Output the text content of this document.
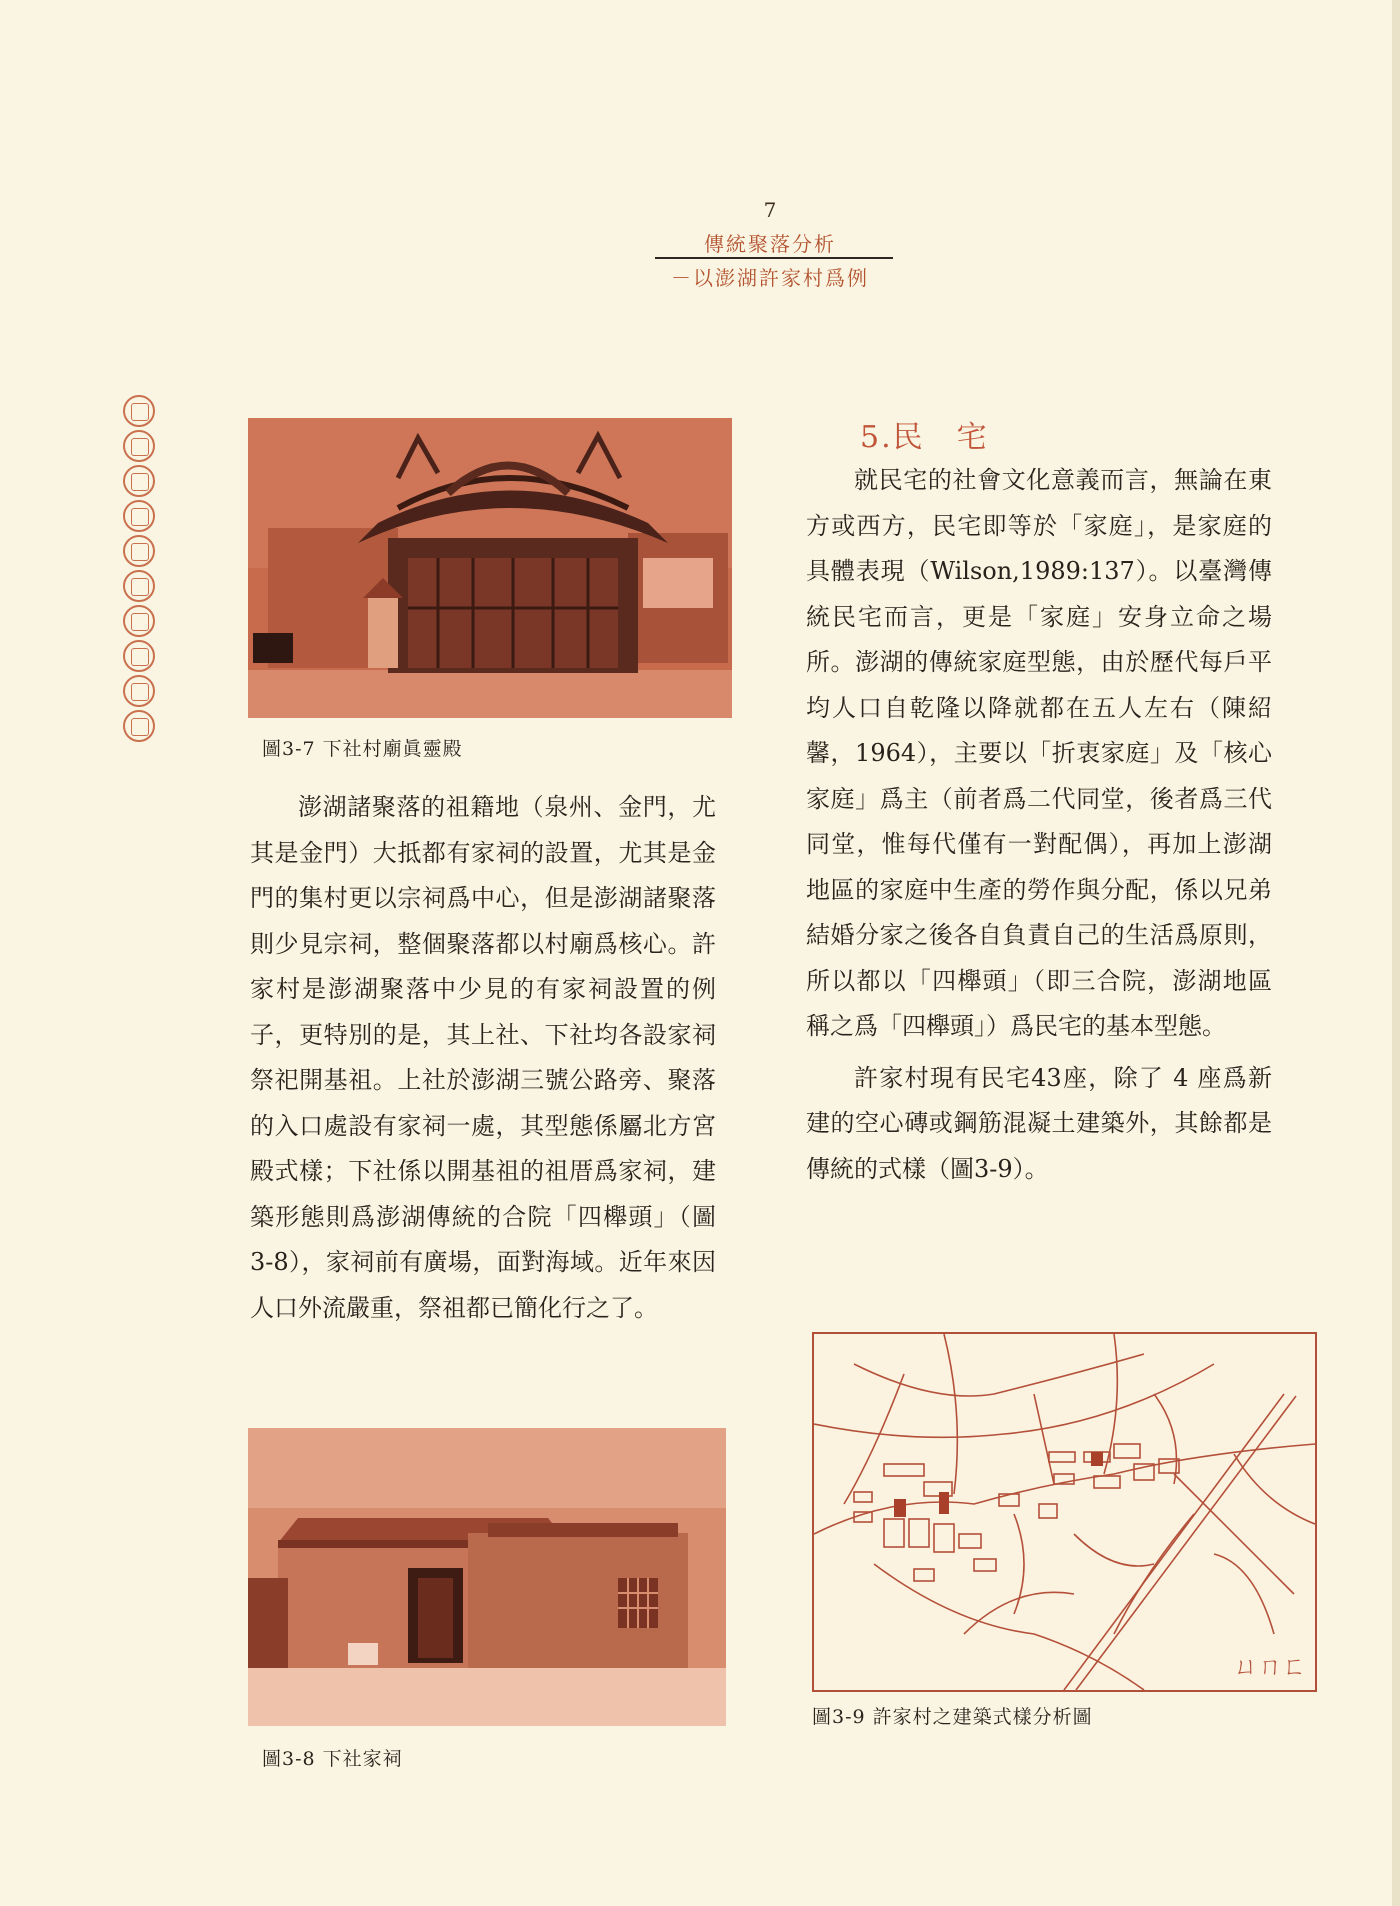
7
傳統聚落分析
－以澎湖許家村爲例
圖3-7 下社村廟眞靈殿

澎湖諸聚落的祖籍地（泉州、金門，尤其是金門）大抵都有家祠的設置，尤其是金門的集村更以宗祠爲中心，但是澎湖諸聚落則少見宗祠，整個聚落都以村廟爲核心。許家村是澎湖聚落中少見的有家祠設置的例子，更特別的是，其上社、下社均各設家祠祭祀開基祖。上社於澎湖三號公路旁、聚落的入口處設有家祠一處，其型態係屬北方宮殿式樣；下社係以開基祖的祖厝爲家祠，建築形態則爲澎湖傳統的合院「四櫸頭」（圖3-8），家祠前有廣場，面對海域。近年來因人口外流嚴重，祭祖都已簡化行之了。

圖3-8 下社家祠
5.民　宅

就民宅的社會文化意義而言，無論在東方或西方，民宅即等於「家庭」，是家庭的具體表現（Wilson,1989:137）。以臺灣傳統民宅而言，更是「家庭」安身立命之場所。澎湖的傳統家庭型態，由於歷代每戶平均人口自乾隆以降就都在五人左右（陳紹馨，1964），主要以「折衷家庭」及「核心家庭」爲主（前者爲二代同堂，後者爲三代同堂，惟每代僅有一對配偶），再加上澎湖地區的家庭中生產的勞作與分配，係以兄弟結婚分家之後各自負責自己的生活爲原則，所以都以「四櫸頭」（即三合院，澎湖地區稱之爲「四櫸頭」）爲民宅的基本型態。

許家村現有民宅43座，除了 4 座爲新建的空心磚或鋼筋混凝土建築外，其餘都是傳統的式樣（圖3-9）。

ㄩㄇㄈ
圖3-9 許家村之建築式樣分析圖
